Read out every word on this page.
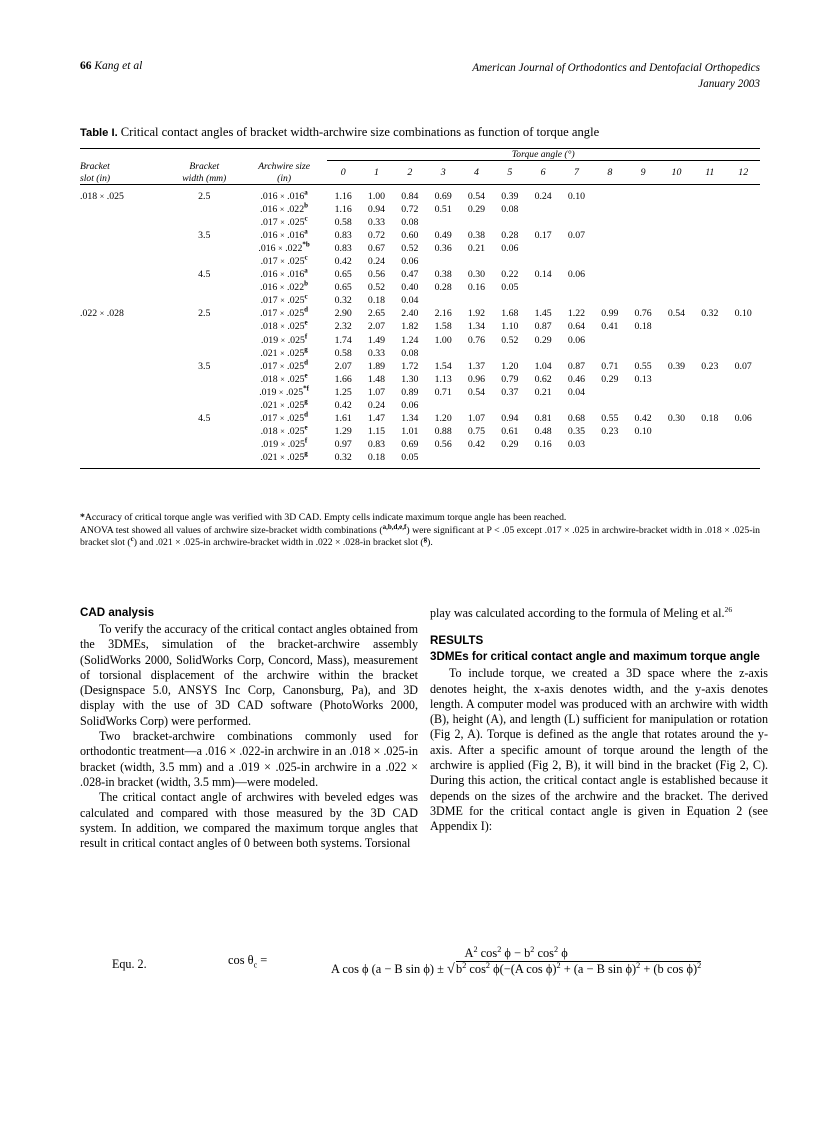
66 Kang et al	American Journal of Orthodontics and Dentofacial Orthopedics
January 2003
Table I. Critical contact angles of bracket width-archwire size combinations as function of torque angle

			Torque angle (°)												

Bracket
slot (in)	Bracket
width (mm)	Archwire size
(in)	0	1	2	3	4	5	6	7	8	9	10	11	12

.018 × .025	2.5	.016 × .016$^a$	1.16	1.00	0.84	0.69	0.54	0.39	0.24	0.10					
		.016 × .022$^b$	1.16	0.94	0.72	0.51	0.29	0.08							
		.017 × .025$^c$	0.58	0.33	0.08										
	3.5	.016 × .016$^a$	0.83	0.72	0.60	0.49	0.38	0.28	0.17	0.07					
		$.016 \times .022^{*b}$	0.83	0.67	0.52	0.36	0.21	0.06							
		.017 × .025$^c$	0.42	0.24	0.06										
	4.5	.016 × .016$^a$	0.65	0.56	0.47	0.38	0.30	0.22	0.14	0.06					
		.016 × .022$^b$	0.65	0.52	0.40	0.28	0.16	0.05							
		.017 × .025$^c$	0.32	0.18	0.04										
.022 × .028	2.5	.017 × .025$^d$	2.90	2.65	2.40	2.16	1.92	1.68	1.45	1.22	0.99	0.76	0.54	0.32	0.10
		.018 × .025$^e$	2.32	2.07	1.82	1.58	1.34	1.10	0.87	0.64	0.41	0.18			
		.019 × .025$^f$	1.74	1.49	1.24	1.00	0.76	0.52	0.29	0.06					
		.021 × .025$^g$	0.58	0.33	0.08										
	3.5	.017 × .025$^d$	2.07	1.89	1.72	1.54	1.37	1.20	1.04	0.87	0.71	0.55	0.39	0.23	0.07
		.018 × .025$^e$	1.66	1.48	1.30	1.13	0.96	0.79	0.62	0.46	0.29	0.13			
		$.019 \times .025^{*f}$	1.25	1.07	0.89	0.71	0.54	0.37	0.21	0.04					
		.021 × .025$^g$	0.42	0.24	0.06										
	4.5	.017 × .025$^d$	1.61	1.47	1.34	1.20	1.07	0.94	0.81	0.68	0.55	0.42	0.30	0.18	0.06
		.018 × .025$^e$	1.29	1.15	1.01	0.88	0.75	0.61	0.48	0.35	0.23	0.10			
		.019 × .025$^f$	0.97	0.83	0.69	0.56	0.42	0.29	0.16	0.03					
		.021 × .025$^g$	0.32	0.18	0.05										

*Accuracy of critical torque angle was verified with 3D CAD. Empty cells indicate maximum torque angle has been reached.

ANOVA test showed all values of archwire size-bracket width combinations ($^{a,b,d,e,f}$) were significant at P < .05 except .017 × .025 in archwire-bracket width in .018 × .025-in bracket slot ($^c$) and .021 × .025-in archwire-bracket width in .022 × .028-in bracket slot ($^g$).

CAD analysis

To verify the accuracy of the critical contact angles obtained from the 3DMEs, simulation of the bracket-archwire assembly (SolidWorks 2000, SolidWorks Corp, Concord, Mass), measurement of torsional displacement of the archwire within the bracket (Designspace 5.0, ANSYS Inc Corp, Canonsburg, Pa), and 3D display with the use of 3D CAD software (PhotoWorks 2000, SolidWorks Corp) were performed.

Two bracket-archwire combinations commonly used for orthodontic treatment—a .016 × .022-in archwire in an .018 × .025-in bracket (width, 3.5 mm) and a .019 × .025-in archwire in a .022 × .028-in bracket (width, 3.5 mm)—were modeled.

The critical contact angle of archwires with beveled edges was calculated and compared with those measured by the 3D CAD system. In addition, we compared the maximum torque angles that result in critical contact angles of 0 between both systems. Torsional

play was calculated according to the formula of Meling et al.$^{26}$

RESULTS
3DMEs for critical contact angle and maximum torque angle

To include torque, we created a 3D space where the z-axis denotes height, the x-axis denotes width, and the y-axis denotes length. A computer model was produced with an archwire with width (B), height (A), and length (L) sufficient for manipulation or rotation (Fig 2, A). Torque is defined as the angle that rotates around the y-axis. After a specific amount of torque around the length of the archwire is applied (Fig 2, B), it will bind in the bracket (Fig 2, C). During this action, the critical contact angle is established because it depends on the sizes of the archwire and the bracket. The derived 3DME for the critical contact angle is given in Equation 2 (see Appendix I):

Equ. 2.	$\cos \theta_c$ =
$A^2$ $\cos^2 \phi - b^2$ $\cos^2 \phi$ A cos ϕ (a − B sin ϕ) ± √ $b^2$ $\cos^2 \phi(-(A$ cos ϕ)$^2$ + (a − B sin ϕ)$^2$ + (b cos ϕ)$^2$
